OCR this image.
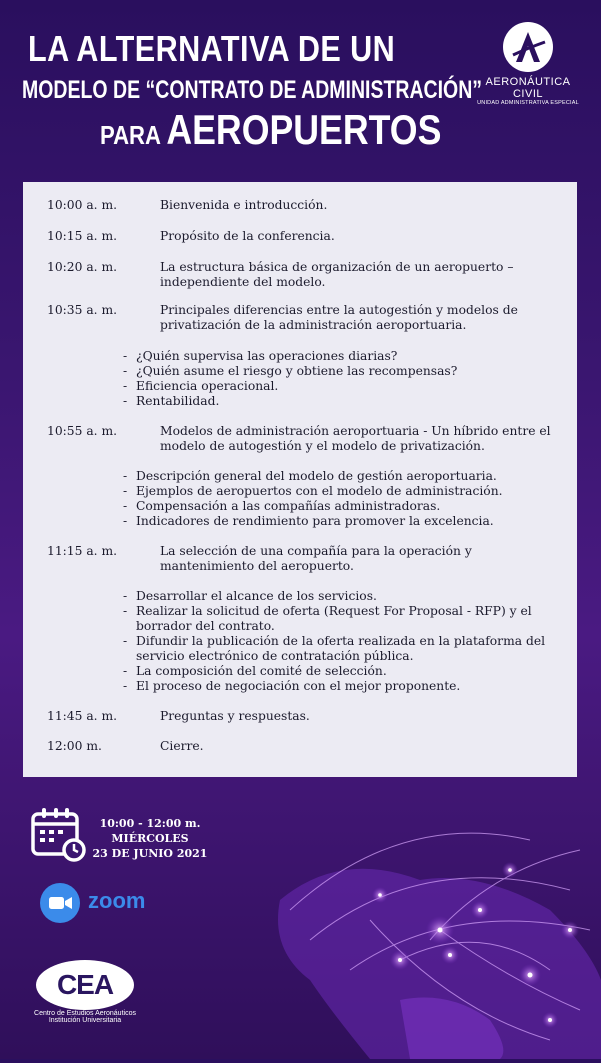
LA ALTERNATIVA DE UN
MODELO DE “CONTRATO DE ADMINISTRACIÓN”
PARA AEROPUERTOS
AERONÁUTICA CIVIL
UNIDAD ADMINISTRATIVA ESPECIAL
10:00 a. m.	Bienvenida e introducción.
10:15 a. m.	Propósito de la conferencia.
10:20 a. m.	La estructura básica de organización de un aeropuerto – independiente del modelo.
10:35 a. m.	Principales diferencias entre la autogestión y modelos de privatización de la administración aeroportuaria.
- ¿Quién supervisa las operaciones diarias?
- ¿Quién asume el riesgo y obtiene las recompensas?
- Eficiencia operacional.
- Rentabilidad.
10:55 a. m.	Modelos de administración aeroportuaria - Un híbrido entre el modelo de autogestión y el modelo de privatización.
- Descripción general del modelo de gestión aeroportuaria.
- Ejemplos de aeropuertos con el modelo de administración.
- Compensación a las compañías administradoras.
- Indicadores de rendimiento para promover la excelencia.
11:15 a. m.	La selección de una compañía para la operación y mantenimiento del aeropuerto.
- Desarrollar el alcance de los servicios.
- Realizar la solicitud de oferta (Request For Proposal - RFP) y el borrador del contrato.
- Difundir la publicación de la oferta realizada en la plataforma del servicio electrónico de contratación pública.
- La composición del comité de selección.
- El proceso de negociación con el mejor proponente.
11:45 a. m.	Preguntas y respuestas.
12:00 m.	Cierre.
10:00 - 12:00 m.
MIÉRCOLES
23 DE JUNIO 2021
zoom
CEA
Centro de Estudios Aeronáuticos
Institución Universitaria
